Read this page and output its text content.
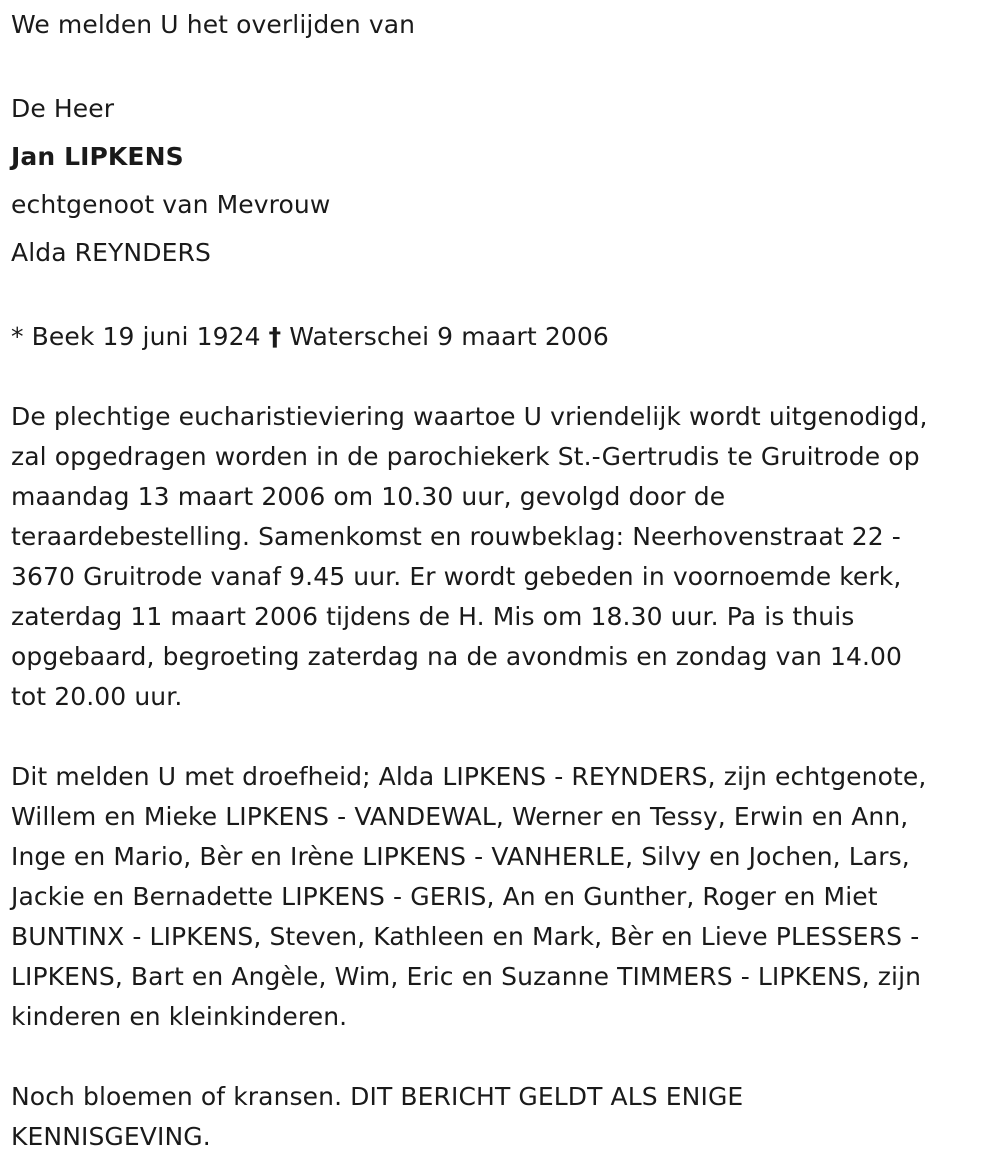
We melden U het overlijden van
De Heer
Jan LIPKENS
echtgenoot van Mevrouw
Alda REYNDERS
* Beek 19 juni 1924 † Waterschei 9 maart 2006
De plechtige eucharistieviering waartoe U vriendelijk wordt uitgenodigd,
zal opgedragen worden in de parochiekerk St.-Gertrudis te Gruitrode op
maandag 13 maart 2006 om 10.30 uur, gevolgd door de
teraardebestelling. Samenkomst en rouwbeklag: Neerhovenstraat 22 -
3670 Gruitrode vanaf 9.45 uur. Er wordt gebeden in voornoemde kerk,
zaterdag 11 maart 2006 tijdens de H. Mis om 18.30 uur. Pa is thuis
opgebaard, begroeting zaterdag na de avondmis en zondag van 14.00
tot 20.00 uur.
Dit melden U met droefheid; Alda LIPKENS - REYNDERS, zijn echtgenote,
Willem en Mieke LIPKENS - VANDEWAL, Werner en Tessy, Erwin en Ann,
Inge en Mario, Bèr en Irène LIPKENS - VANHERLE, Silvy en Jochen, Lars,
Jackie en Bernadette LIPKENS - GERIS, An en Gunther, Roger en Miet
BUNTINX - LIPKENS, Steven, Kathleen en Mark, Bèr en Lieve PLESSERS -
LIPKENS, Bart en Angèle, Wim, Eric en Suzanne TIMMERS - LIPKENS, zijn
kinderen en kleinkinderen.
Noch bloemen of kransen. DIT BERICHT GELDT ALS ENIGE
KENNISGEVING.
